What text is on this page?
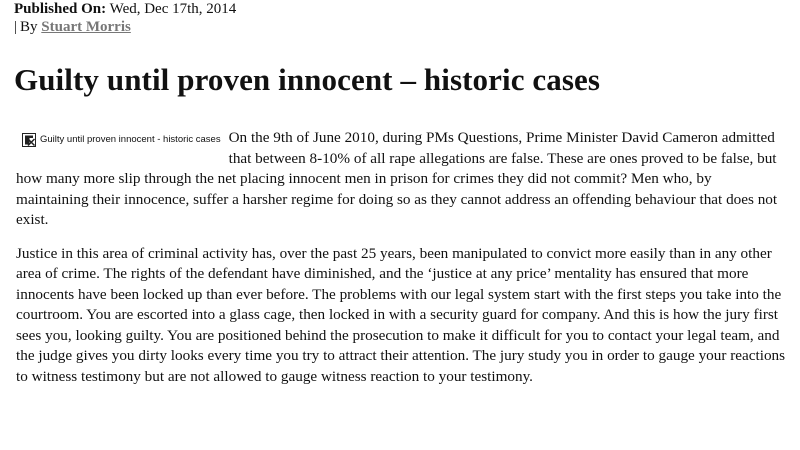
Published On: Wed, Dec 17th, 2014
| By Stuart Morris
Guilty until proven innocent – historic cases
Guilty until proven innocent - historic cases On the 9th of June 2010, during PMs Questions, Prime Minister David Cameron admitted that between 8-10% of all rape allegations are false. These are ones proved to be false, but how many more slip through the net placing innocent men in prison for crimes they did not commit? Men who, by maintaining their innocence, suffer a harsher regime for doing so as they cannot address an offending behaviour that does not exist.

Justice in this area of criminal activity has, over the past 25 years, been manipulated to convict more easily than in any other area of crime. The rights of the defendant have diminished, and the ‘justice at any price’ mentality has ensured that more innocents have been locked up than ever before. The problems with our legal system start with the first steps you take into the courtroom. You are escorted into a glass cage, then locked in with a security guard for company. And this is how the jury first sees you, looking guilty. You are positioned behind the prosecution to make it difficult for you to contact your legal team, and the judge gives you dirty looks every time you try to attract their attention. The jury study you in order to gauge your reactions to witness testimony but are not allowed to gauge witness reaction to your testimony.
